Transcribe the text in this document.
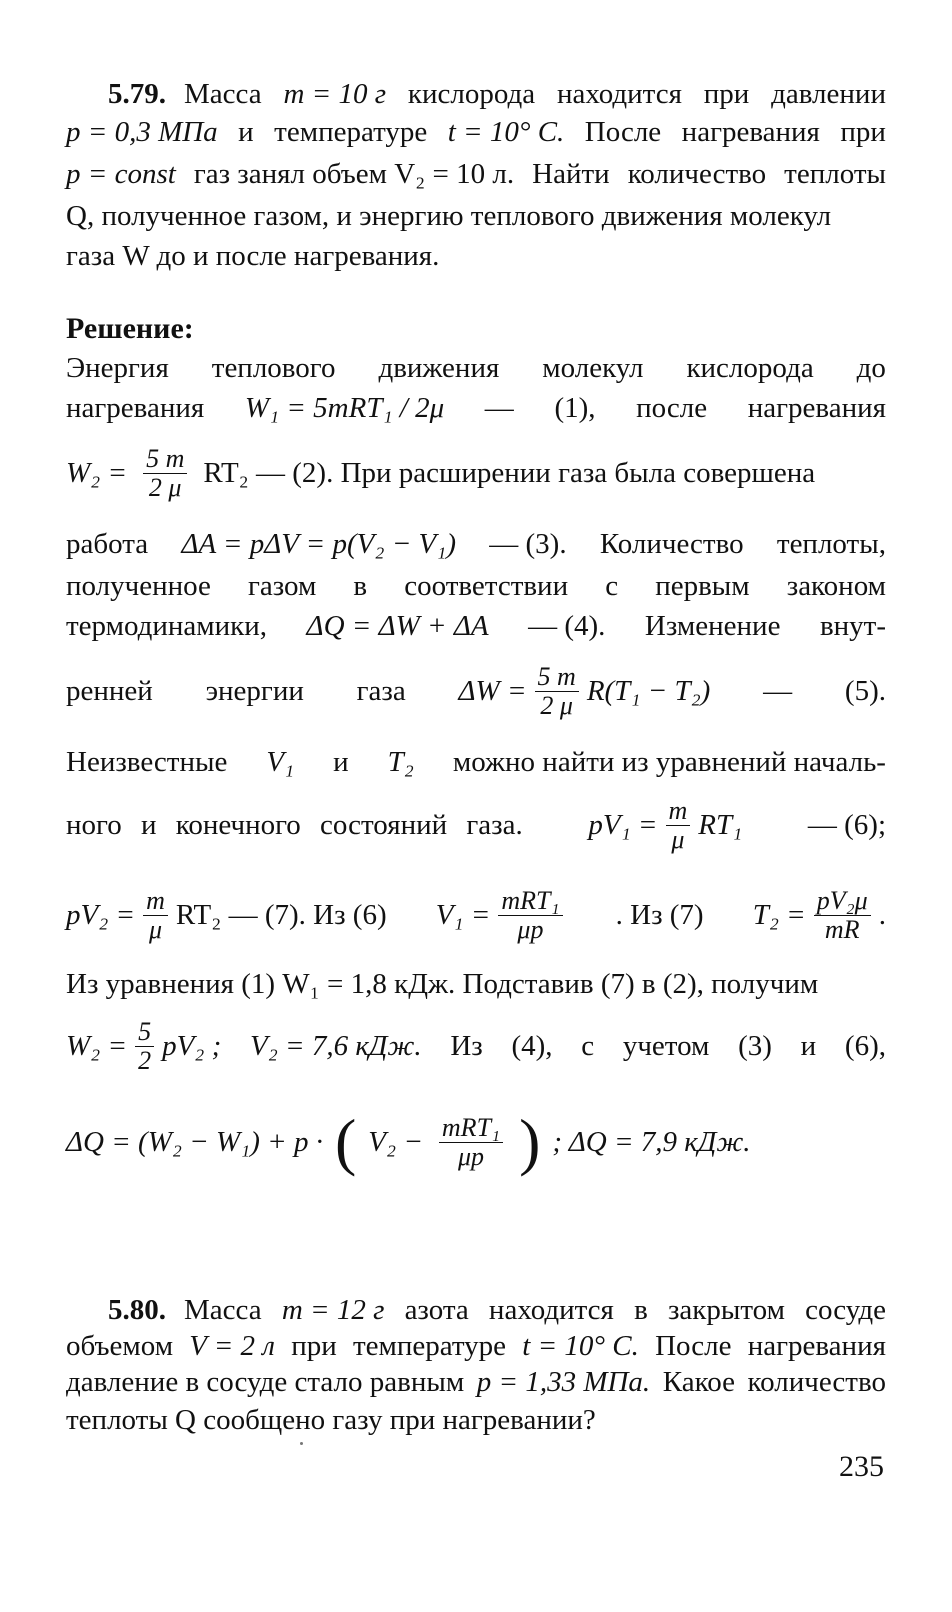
5.79. Масса m = 10 г кислорода находится при давлении
p = 0,3 МПа и температуре t = 10° С. После нагревания при
p = const газ занял объем V₂ = 10 л. Найти количество теплоты
Q, полученное газом, и энергию теплового движения молекул
газа W до и после нагревания.
Решение:
Энергия теплового движения молекул кислорода до
нагревания W₁ = 5mRT₁ / 2μ — (1), после нагревания
$W_2 = \frac{5 m}{2 \mu} RT_2$ — (2). При расширении газа была совершена
работа ΔA = pΔV = p(V₂ − V₁) — (3). Количество теплоты,
полученное газом в соответствии с первым законом
термодинамики, ΔQ = ΔW + ΔA — (4). Изменение внут-
ренней энергии газа $\Delta W = \frac{5 m}{2 \mu} R(T_1 - T_2)$ — (5).
Неизвестные V₁ и T₂ можно найти из уравнений началь-
ного и конечного состояний газа. $pV_1 = \frac{m}{\mu} RT_1$ — (6);
$pV_2 = \frac{m}{\mu} RT_2$ — (7). Из (6) $V_1 = \frac{\text{mRT₁}}{\mu p}$ . Из (7) $T_2 = \frac{\text{pV₂μ}}{mR}$ .
Из уравнения (1) W₁ = 1,8 кДж. Подставив (7) в (2), получим
$W_2 = \frac{5}{2} pV_2$ ; V₂ = 7,6 кДж. Из (4), с учетом (3) и (6),
ΔQ = (W₂ − W₁) + p · ( $V_2 - \frac{\text{mRT₁}}{\mu p}$ ) ; ΔQ = 7,9 кДж.
5.80. Масса m = 12 г азота находится в закрытом сосуде
объемом V = 2 л при температуре t = 10° С. После нагревания
давление в сосуде стало равным p = 1,33 МПа. Какое количество
теплоты Q сообщено газу при нагревании?
235
